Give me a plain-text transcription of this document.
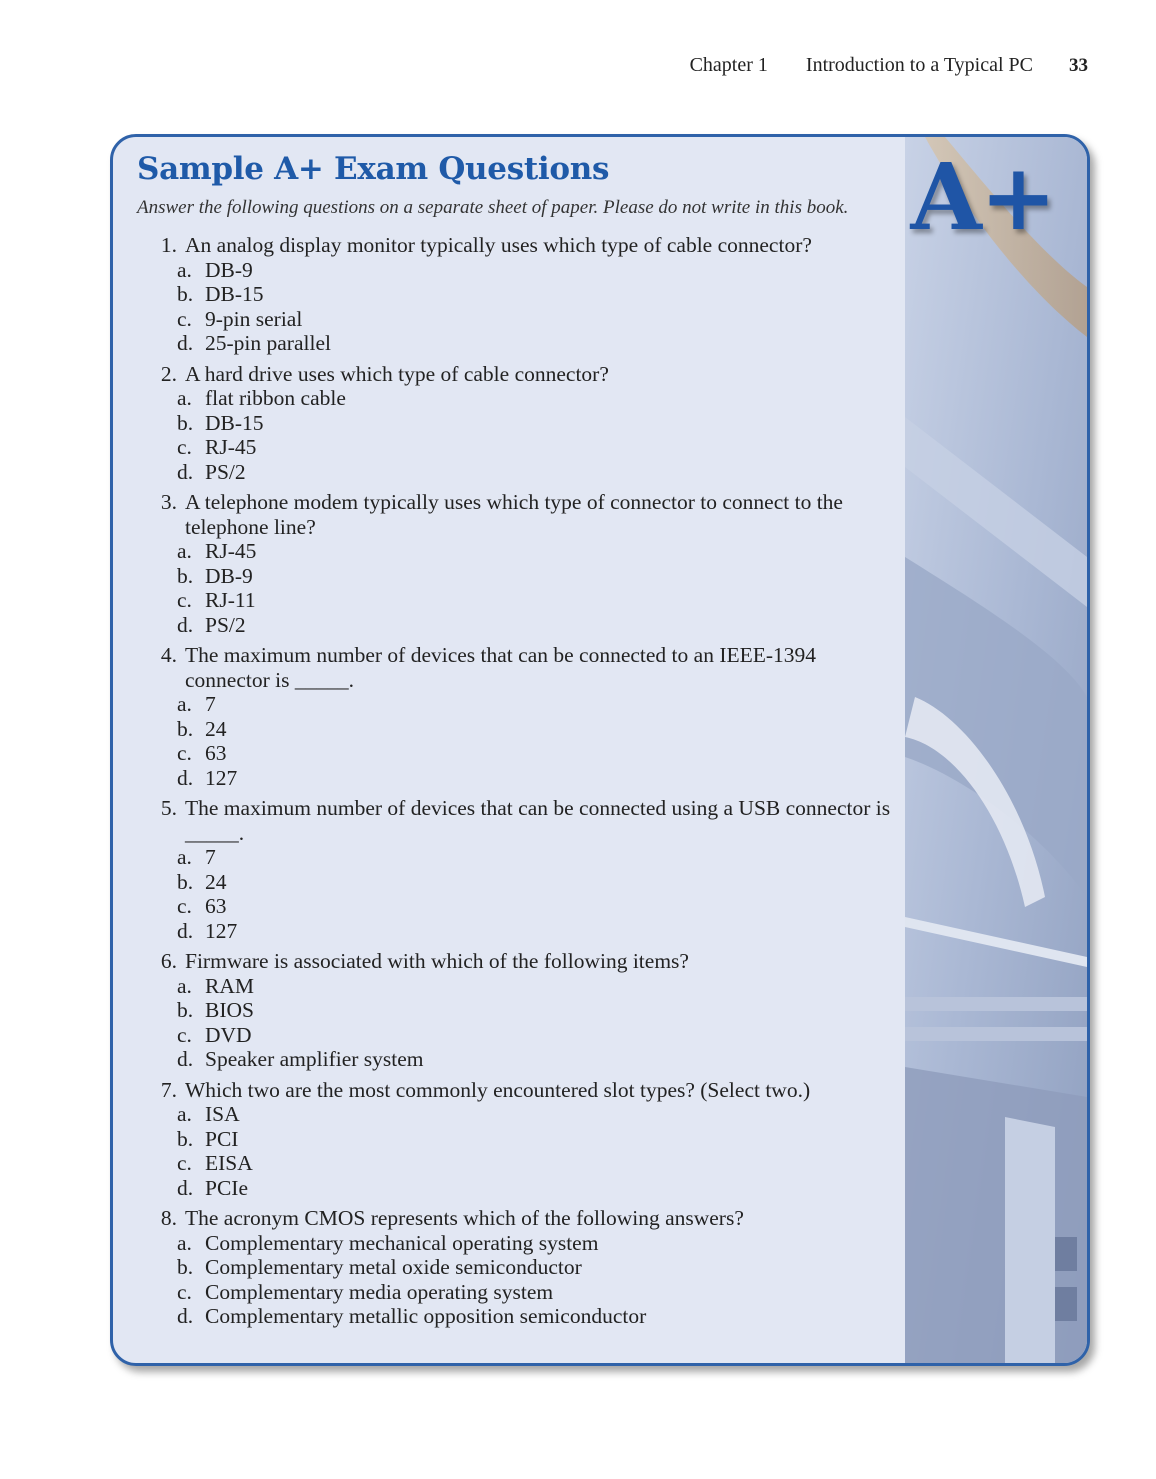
Chapter 1 Introduction to a Typical PC 33
A+
Sample A+ Exam Questions

Answer the following questions on a separate sheet of paper. Please do not write in this book.

1. An analog display monitor typically uses which type of cable connector?
a. DB-9
b. DB-15
c. 9-pin serial
d. 25-pin parallel
2. A hard drive uses which type of cable connector?
a. flat ribbon cable
b. DB-15
c. RJ-45
d. PS/2
3. A telephone modem typically uses which type of connector to connect to the telephone line?
a. RJ-45
b. DB-9
c. RJ-11
d. PS/2
4. The maximum number of devices that can be connected to an IEEE-1394 connector is _____.
a. 7
b. 24
c. 63
d. 127
5. The maximum number of devices that can be connected using a USB connector is _____.
a. 7
b. 24
c. 63
d. 127
6. Firmware is associated with which of the following items?
a. RAM
b. BIOS
c. DVD
d. Speaker amplifier system
7. Which two are the most commonly encountered slot types? (Select two.)
a. ISA
b. PCI
c. EISA
d. PCIe
8. The acronym CMOS represents which of the following answers?
a. Complementary mechanical operating system
b. Complementary metal oxide semiconductor
c. Complementary media operating system
d. Complementary metallic opposition semiconductor
